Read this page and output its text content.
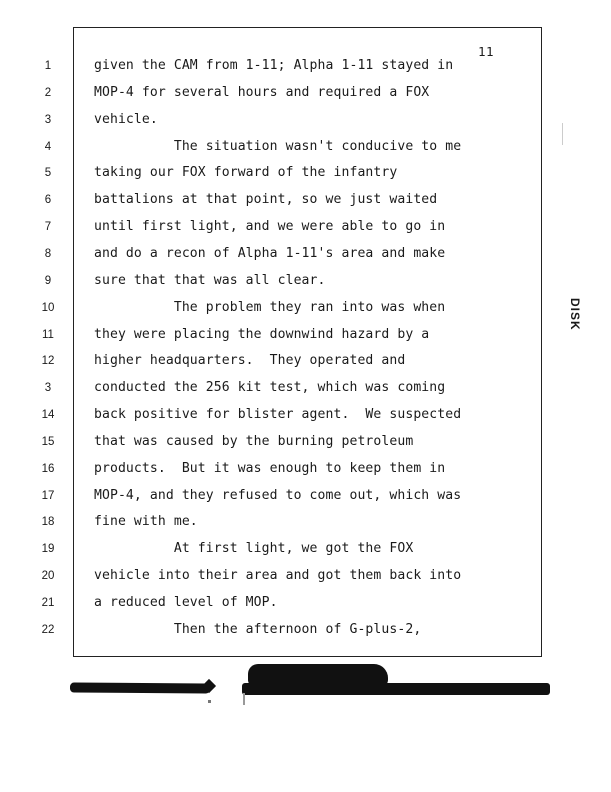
11
1	given the CAM from 1-11; Alpha 1-11 stayed in
2	MOP-4 for several hours and required a FOX
3	vehicle.
4	The situation wasn't conducive to me
5	taking our FOX forward of the infantry
6	battalions at that point, so we just waited
7	until first light, and we were able to go in
8	and do a recon of Alpha 1-11's area and make
9	sure that that was all clear.
10	The problem they ran into was when
11	they were placing the downwind hazard by a
12	higher headquarters.  They operated and
3	conducted the 256 kit test, which was coming
14	back positive for blister agent.  We suspected
15	that was caused by the burning petroleum
16	products.  But it was enough to keep them in
17	MOP-4, and they refused to come out, which was
18	fine with me.
19	At first light, we got the FOX
20	vehicle into their area and got them back into
21	a reduced level of MOP.
22	Then the afternoon of G-plus-2,
DISK
